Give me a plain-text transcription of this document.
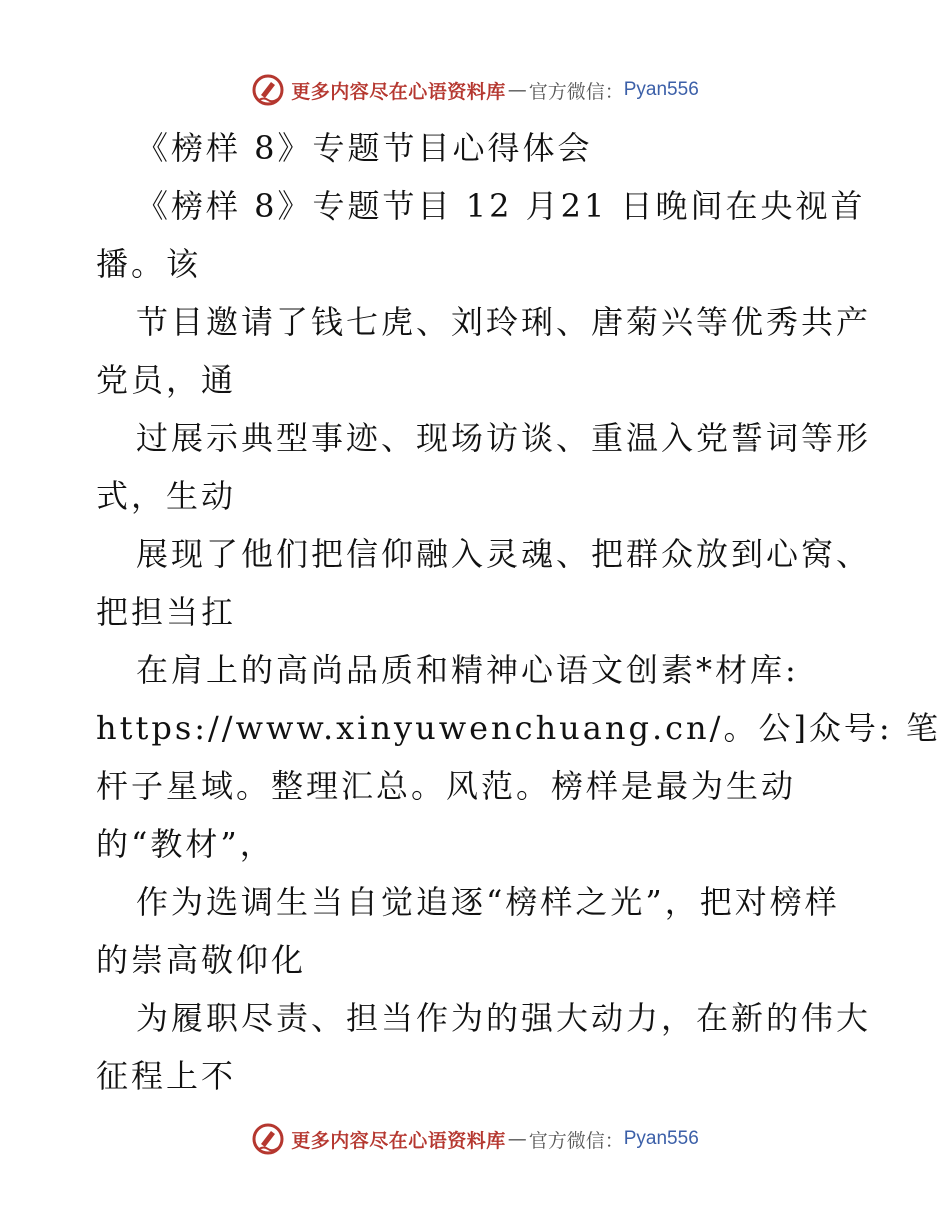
更多内容尽在心语资料库 — 官方微信： Pyan556
《榜样 8》专题节目心得体会
《榜样 8》专题节目 12 月21 日晚间在央视首
播。该
节目邀请了钱七虎、刘玲琍、唐菊兴等优秀共产
党员，通
过展示典型事迹、现场访谈、重温入党誓词等形
式，生动
展现了他们把信仰融入灵魂、把群众放到心窝、
把担当扛
在肩上的高尚品质和精神心语文创素*材库:
https://www.xinyuwenchuang.cn/。公]众号: 笔
杆子星域。整理汇总。风范。榜样是最为生动
的“教材”，
作为选调生当自觉追逐“榜样之光”，把对榜样
的崇高敬仰化
为履职尽责、担当作为的强大动力，在新的伟大
征程上不
更多内容尽在心语资料库 — 官方微信： Pyan556
